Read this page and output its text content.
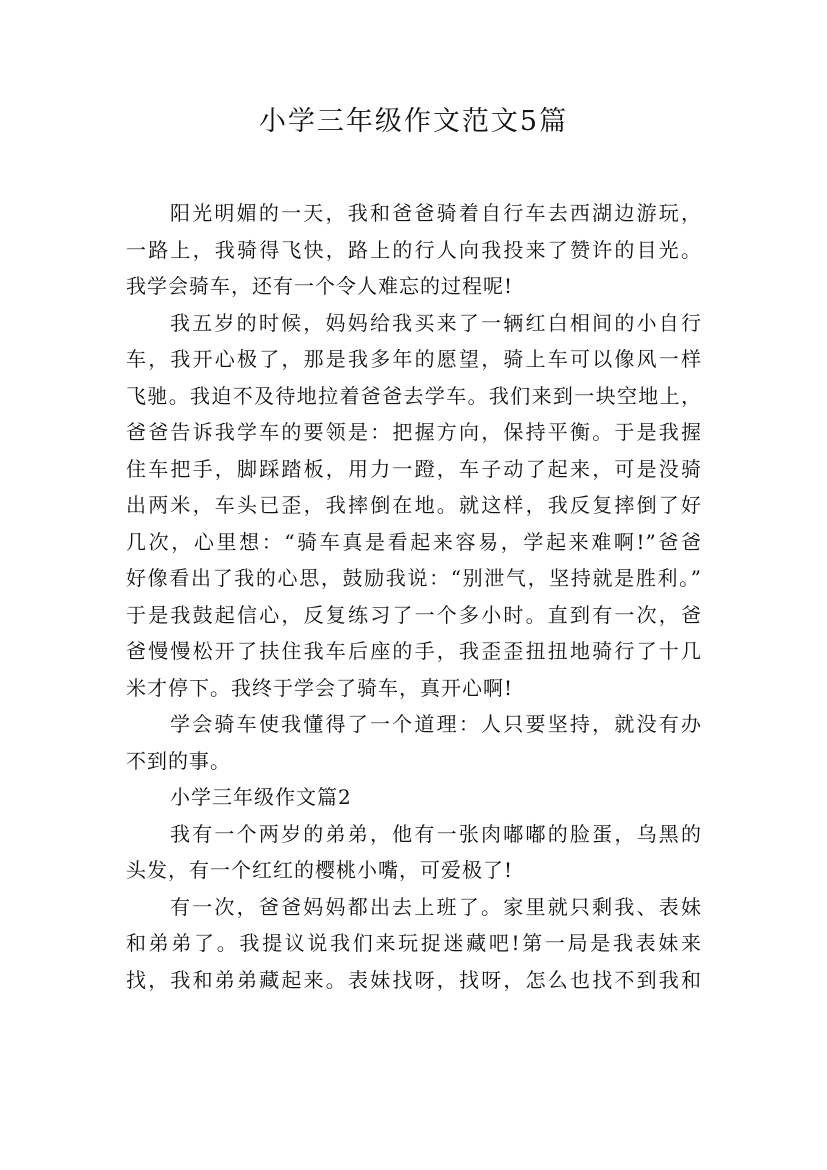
小学三年级作文范文5篇
阳光明媚的一天，我和爸爸骑着自行车去西湖边游玩，
一路上，我骑得飞快，路上的行人向我投来了赞许的目光。
我学会骑车，还有一个令人难忘的过程呢!
我五岁的时候，妈妈给我买来了一辆红白相间的小自行
车，我开心极了，那是我多年的愿望，骑上车可以像风一样
飞驰。我迫不及待地拉着爸爸去学车。我们来到一块空地上，
爸爸告诉我学车的要领是：把握方向，保持平衡。于是我握
住车把手，脚踩踏板，用力一蹬，车子动了起来，可是没骑
出两米，车头已歪，我摔倒在地。就这样，我反复摔倒了好
几次，心里想：“骑车真是看起来容易，学起来难啊!”爸爸
好像看出了我的心思，鼓励我说：“别泄气，坚持就是胜利。”
于是我鼓起信心，反复练习了一个多小时。直到有一次，爸
爸慢慢松开了扶住我车后座的手，我歪歪扭扭地骑行了十几
米才停下。我终于学会了骑车，真开心啊!
学会骑车使我懂得了一个道理：人只要坚持，就没有办
不到的事。
小学三年级作文篇2
我有一个两岁的弟弟，他有一张肉嘟嘟的脸蛋，乌黑的
头发，有一个红红的樱桃小嘴，可爱极了!
有一次，爸爸妈妈都出去上班了。家里就只剩我、表妹
和弟弟了。我提议说我们来玩捉迷藏吧!第一局是我表妹来
找，我和弟弟藏起来。表妹找呀，找呀，怎么也找不到我和
